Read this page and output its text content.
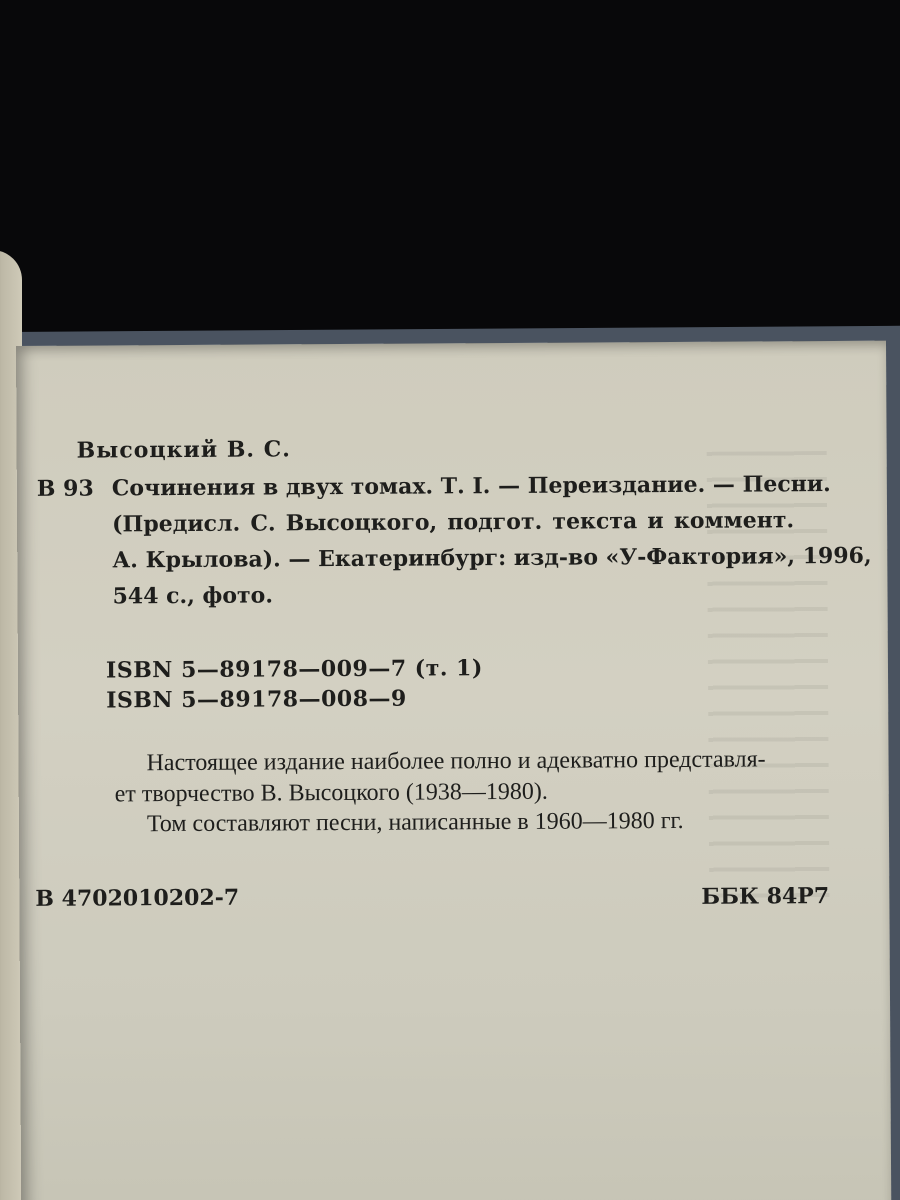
Высоцкий В. С.
В 93 Сочинения в двух томах. Т. I. — Переиздание. — Песни.
(Предисл. С. Высоцкого, подгот. текста и коммент.
А. Крылова). — Екатеринбург: изд-во «У-Фактория», 1996,
544 с., фото.
ISBN 5—89178—009—7 (т. 1)
ISBN 5—89178—008—9
Настоящее издание наиболее полно и адекватно представля-
ет творчество В. Высоцкого (1938—1980).
Том составляют песни, написанные в 1960—1980 гг.
В 4702010202-7	ББК 84Р7
